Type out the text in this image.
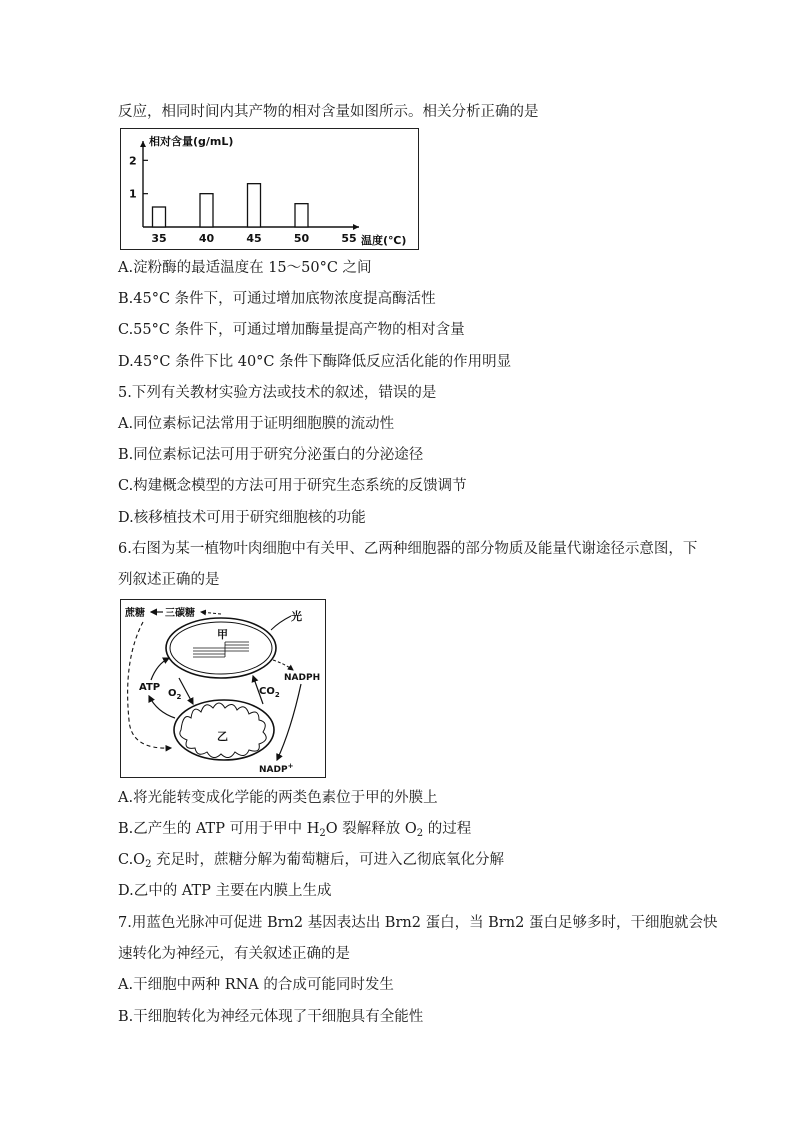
反应，相同时间内其产物的相对含量如图所示。相关分析正确的是
相对含量(g/mL)
温度(℃)
1
2
35	40	45	50	55
A.淀粉酶的最适温度在 15～50°C 之间
B.45°C 条件下，可通过增加底物浓度提高酶活性
C.55°C 条件下，可通过增加酶量提高产物的相对含量
D.45°C 条件下比 40°C 条件下酶降低反应活化能的作用明显
5.下列有关教材实验方法或技术的叙述，错误的是
A.同位素标记法常用于证明细胞膜的流动性
B.同位素标记法可用于研究分泌蛋白的分泌途径
C.构建概念模型的方法可用于研究生态系统的反馈调节
D.核移植技术可用于研究细胞核的功能
6.右图为某一植物叶肉细胞中有关甲、乙两种细胞器的部分物质及能量代谢途径示意图，下
列叙述正确的是
蔗糖 三碳糖	光
甲
乙
ATP
$O_2$	$CO_2$
NADPH
NADP+
A.将光能转变成化学能的两类色素位于甲的外膜上
B.乙产生的 ATP 可用于甲中 $H_2O$ 裂解释放 $O_2$ 的过程
$C.O_2$ 充足时，蔗糖分解为葡萄糖后，可进入乙彻底氧化分解
D.乙中的 ATP 主要在内膜上生成
7.用蓝色光脉冲可促进 Brn2 基因表达出 Brn2 蛋白，当 Brn2 蛋白足够多时，干细胞就会快
速转化为神经元，有关叙述正确的是
A.干细胞中两种 RNA 的合成可能同时发生
B.干细胞转化为神经元体现了干细胞具有全能性
